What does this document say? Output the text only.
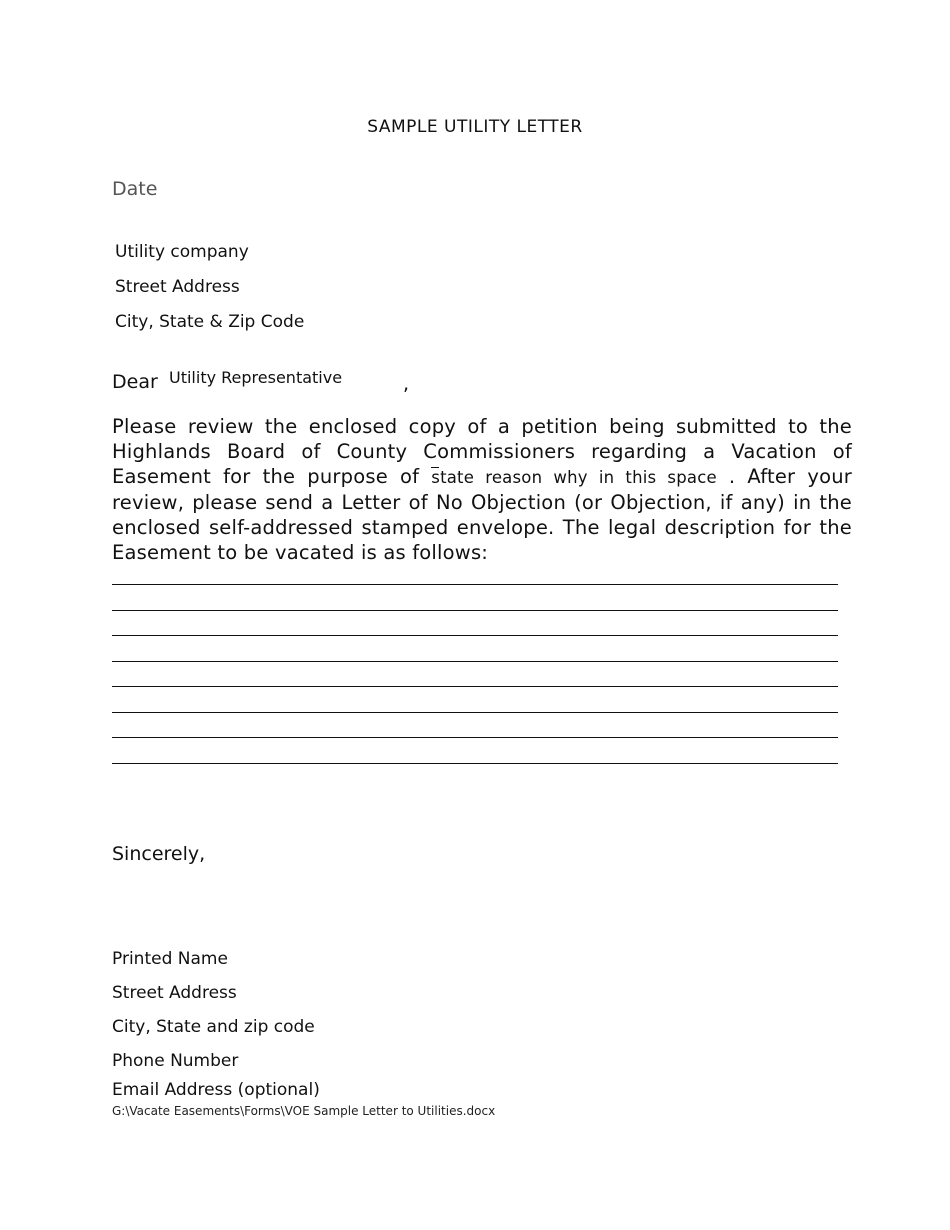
SAMPLE UTILITY LETTER
Date
Utility company
Street Address
City, State & Zip Code
Dear Utility Representative	,
Please review the enclosed copy of a petition being submitted to the Highlands Board of County Commissioners regarding a Vacation of Easement for the purpose of state reason why in this space . After your review, please send a Letter of No Objection (or Objection, if any) in the enclosed self-addressed stamped envelope. The legal description for the Easement to be vacated is as follows:
Sincerely,
Printed Name
Street Address
City, State and zip code
Phone Number
Email Address (optional)
G:\Vacate Easements\Forms\VOE Sample Letter to Utilities.docx
